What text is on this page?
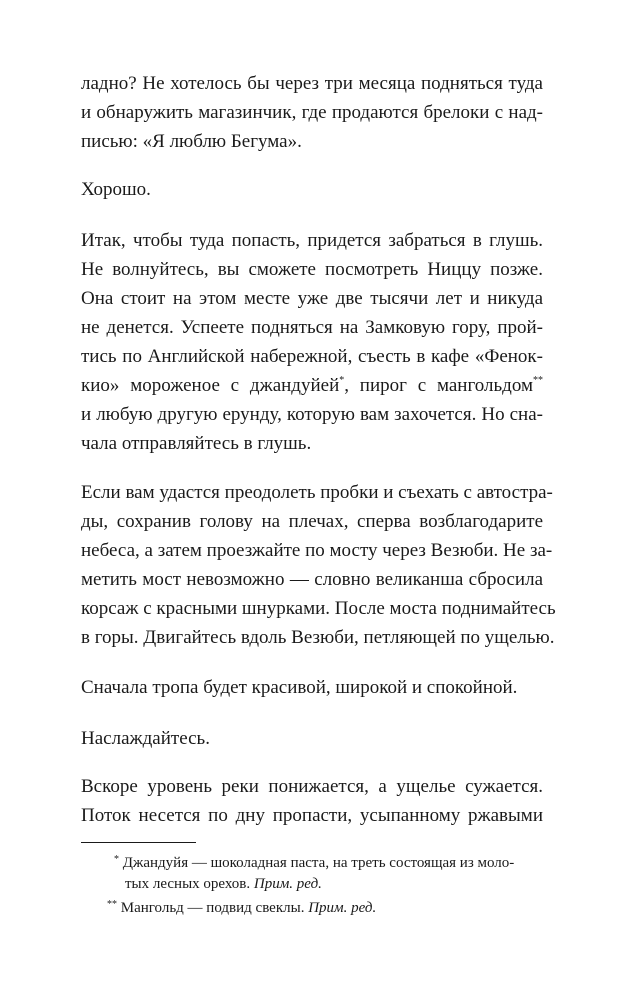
ладно? Не хотелось бы через три месяца подняться туда
и обнаружить магазинчик, где продаются брелоки с над-
писью: «Я люблю Бегума».
Хорошо.
Итак, чтобы туда попасть, придется забраться в глушь.
Не волнуйтесь, вы сможете посмотреть Ниццу позже.
Она стоит на этом месте уже две тысячи лет и никуда
не денется. Успеете подняться на Замковую гору, прой-
тись по Английской набережной, съесть в кафе «Фенок-
кио» мороженое с джандуйей*, пирог с мангольдом**
и любую другую ерунду, которую вам захочется. Но сна-
чала отправляйтесь в глушь.
Если вам удастся преодолеть пробки и съехать с автостра-
ды, сохранив голову на плечах, сперва возблагодарите
небеса, а затем проезжайте по мосту через Везюби. Не за-
метить мост невозможно — словно великанша сбросила
корсаж с красными шнурками. После моста поднимайтесь
в горы. Двигайтесь вдоль Везюби, петляющей по ущелью.
Сначала тропа будет красивой, широкой и спокойной.
Наслаждайтесь.
Вскоре уровень реки понижается, а ущелье сужается.
Поток несется по дну пропасти, усыпанному ржавыми
* Джандуйя — шоколадная паста, на треть состоящая из моло-
тых лесных орехов. Прим. ред.
** Мангольд — подвид свеклы. Прим. ред.
